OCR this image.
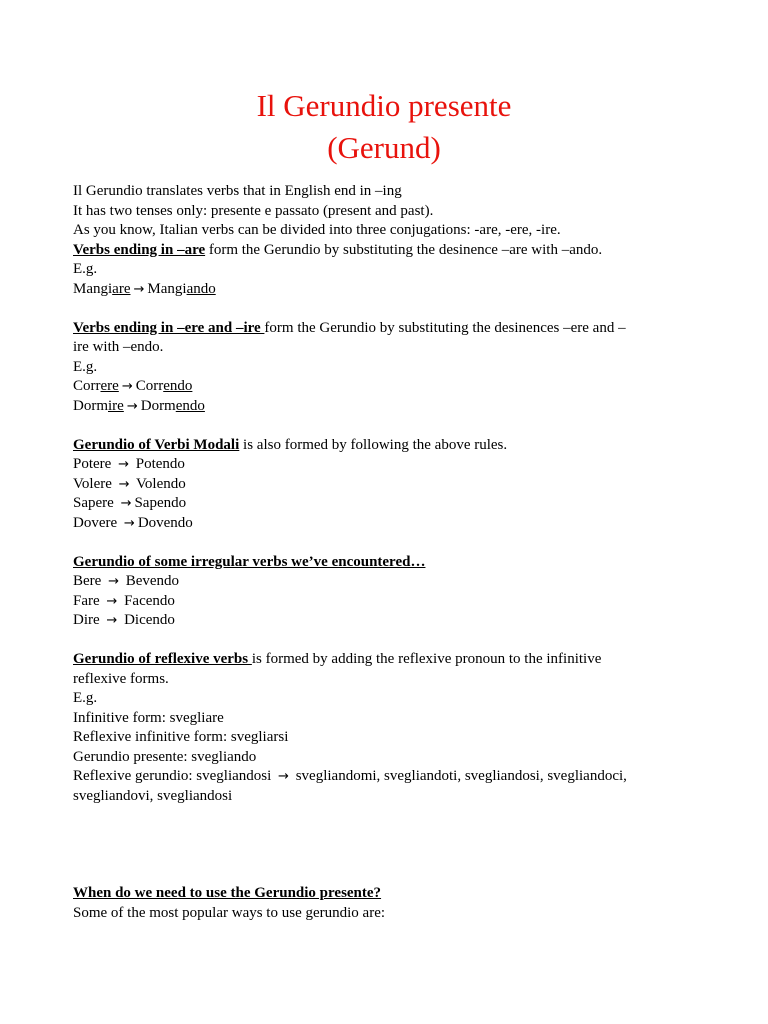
Il Gerundio presente
(Gerund)
Il Gerundio translates verbs that in English end in –ing
It has two tenses only: presente e passato (present and past).
As you know, Italian verbs can be divided into three conjugations: -are, -ere, -ire.
Verbs ending in –are form the Gerundio by substituting the desinence –are with –ando.
E.g.
Mangiare → Mangiando
Verbs ending in –ere and –ire form the Gerundio by substituting the desinences –ere and –
ire with –endo.
E.g.
Correre → Correndo
Dormire → Dormendo
Gerundio of Verbi Modali is also formed by following the above rules.
Potere → Potendo
Volere → Volendo
Sapere → Sapendo
Dovere → Dovendo
Gerundio of some irregular verbs we’ve encountered…
Bere → Bevendo
Fare → Facendo
Dire → Dicendo
Gerundio of reflexive verbs is formed by adding the reflexive pronoun to the infinitive
reflexive forms.
E.g.
Infinitive form: svegliare
Reflexive infinitive form: svegliarsi
Gerundio presente: svegliando
Reflexive gerundio: svegliandosi → svegliandomi, svegliandoti, svegliandosi, svegliandoci,
svegliandovi, svegliandosi
When do we need to use the Gerundio presente?
Some of the most popular ways to use gerundio are:
